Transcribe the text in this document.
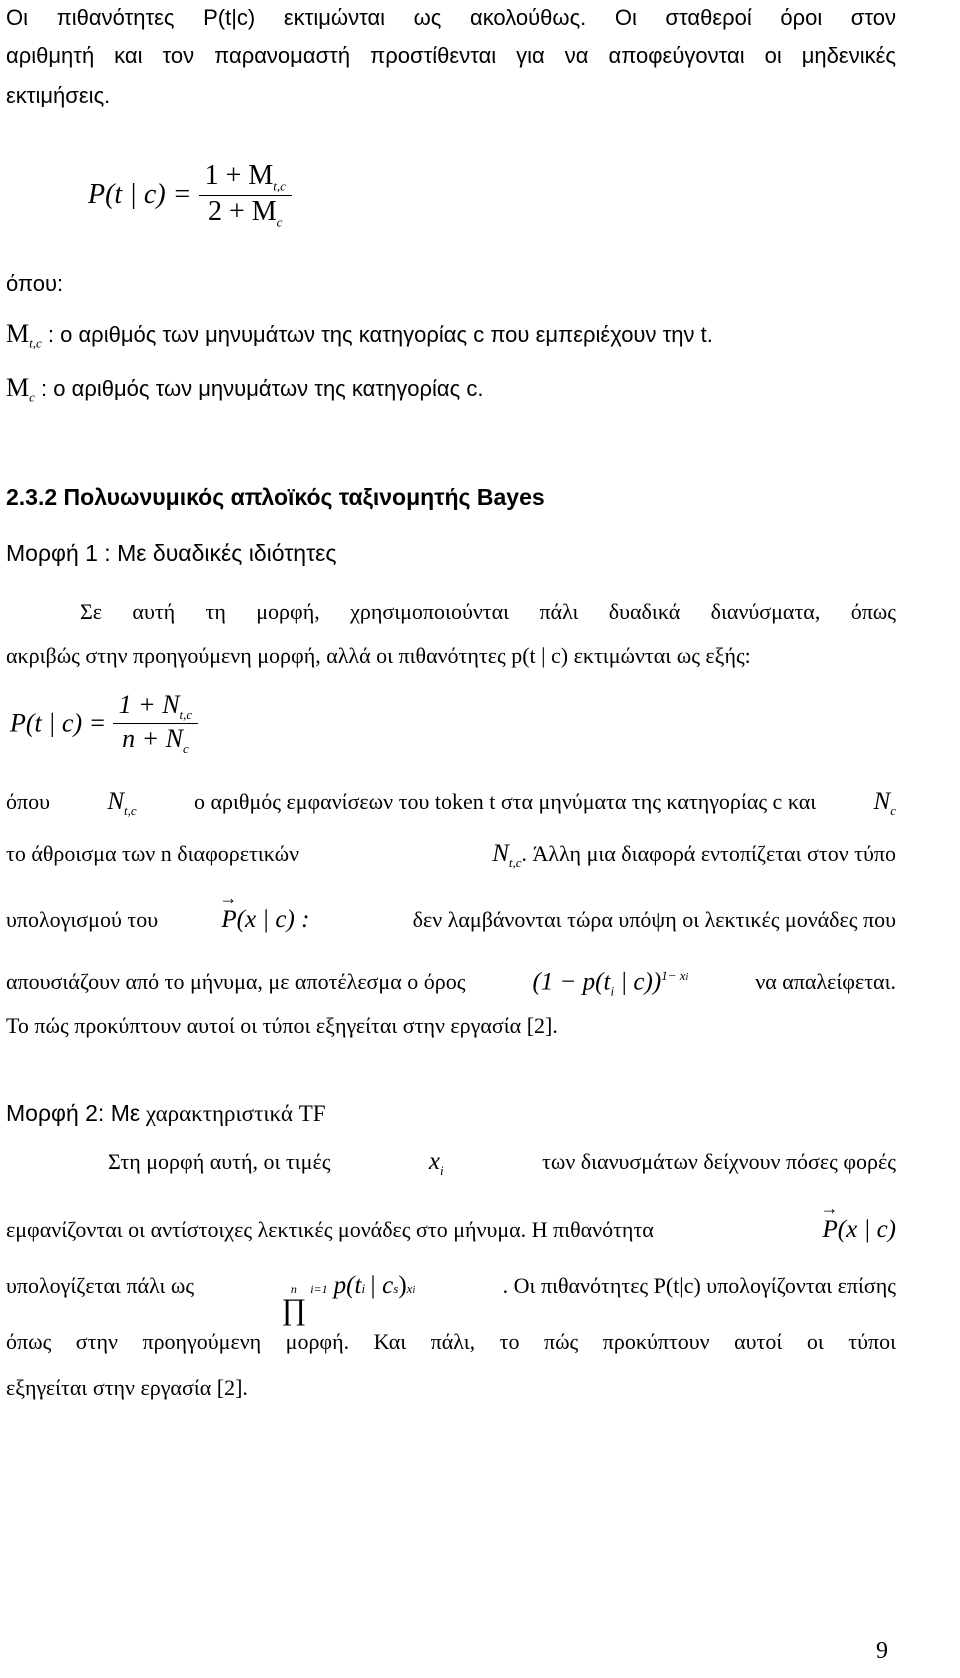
Οι πιθανότητες P(t|c) εκτιμώνται ως ακολούθως. Οι σταθεροί όροι στον
αριθμητή και τον παρανομαστή προστίθενται για να αποφεύγονται οι μηδενικές
εκτιμήσεις.
P(t | $c) = \frac{1 + M_{t,c}}{2 + M_c}$
όπου:
$M_{t,c}$ : ο αριθμός των μηνυμάτων της κατηγορίας c που εμπεριέχουν την t.
$M_c$ : ο αριθμός των μηνυμάτων της κατηγορίας c.
2.3.2 Πολυωνυμικός απλοϊκός ταξινομητής Bayes
Μορφή 1 : Με δυαδικές ιδιότητες
Σε αυτή τη μορφή, χρησιμοποιούνται πάλι δυαδικά διανύσματα, όπως
ακριβώς στην προηγούμενη μορφή, αλλά οι πιθανότητες p(t | c) εκτιμώνται ως εξής:
P(t | $c) = \frac{1 + N_{t,c}}{n + N_c}$
όπου $N_{t,c}$	ο αριθμός εμφανίσεων του token t στα μηνύματα της κατηγορίας c και $N_c$
το άθροισμα των n διαφορετικών	$N_{t,c}$. Άλλη μια διαφορά εντοπίζεται στον τύπο
υπολογισμού του	→ P(x | c) :	δεν λαμβάνονται τώρα υπόψη οι λεκτικές μονάδες που
απουσιάζουν από το μήνυμα, με αποτέλεσμα ο όρος	($1 - p(t_i$ | c))$^{1- xi}$	να απαλείφεται.
Το πώς προκύπτουν αυτοί οι τύποι εξηγείται στην εργασία [2].
Μορφή 2: Με χαρακτηριστικά TF
Στη μορφή αυτή, οι τιμές	$x_i$	των διανυσμάτων δείχνουν πόσες φορές
εμφανίζονται οι αντίστοιχες λεκτικές μονάδες στο μήνυμα. Η πιθανότητα	→ P(x | c)
υπολογίζεται πάλι ως	n
∏
i=1 p(t i | c s ) xi	. Οι πιθανότητες P(t|c) υπολογίζονται επίσης
όπως στην προηγούμενη μορφή. Και πάλι, το πώς προκύπτουν αυτοί οι τύποι
εξηγείται στην εργασία [2].
9
